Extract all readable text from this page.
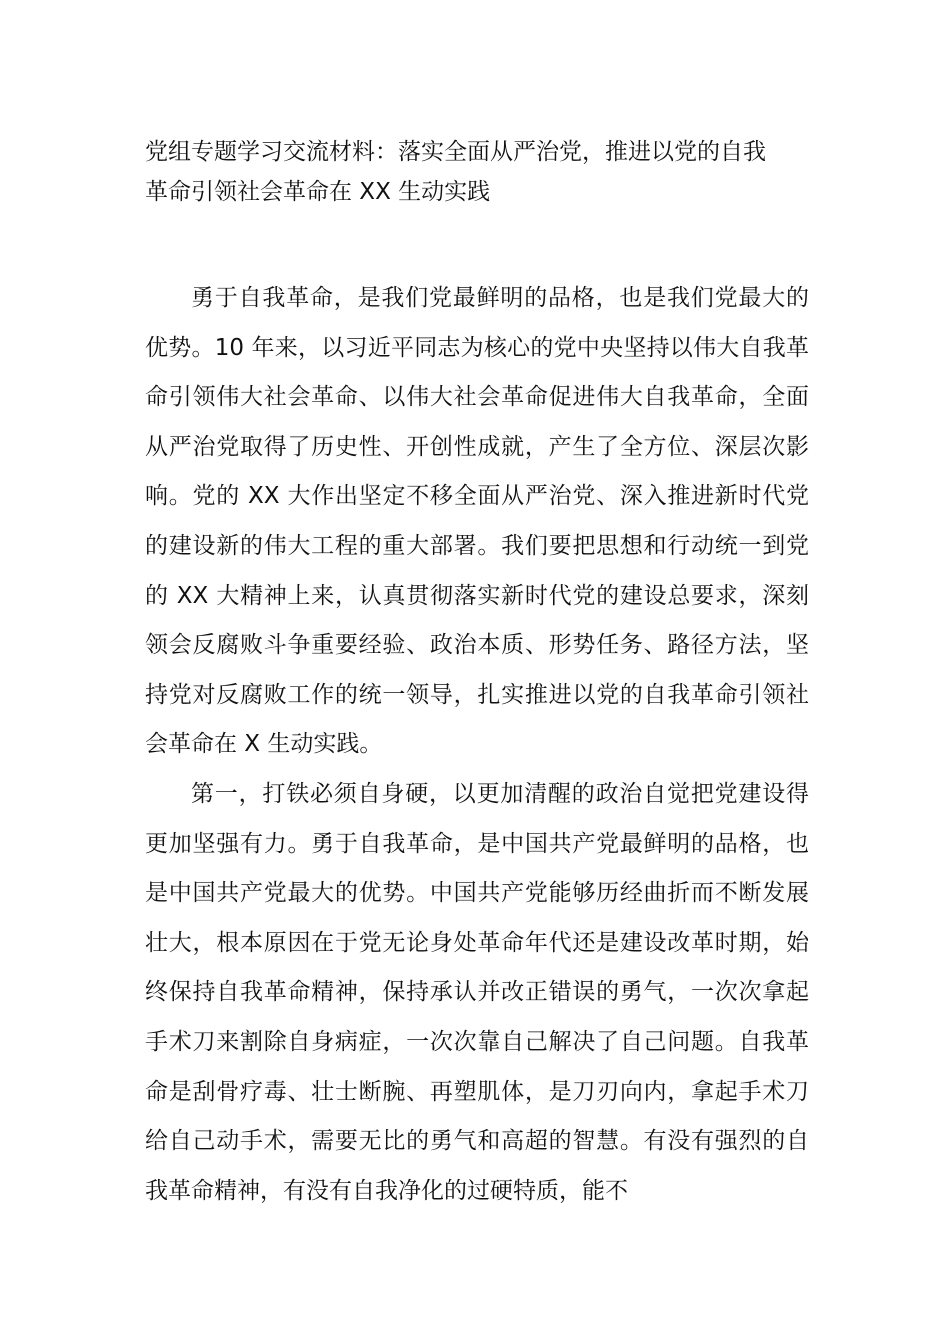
党组专题学习交流材料：落实全面从严治党，推进以党的自我
革命引领社会革命在 XX 生动实践

勇于自我革命，是我们党最鲜明的品格，也是我们党最大的优势。10 年来，以习近平同志为核心的党中央坚持以伟大自我革命引领伟大社会革命、以伟大社会革命促进伟大自我革命，全面从严治党取得了历史性、开创性成就，产生了全方位、深层次影响。党的 XX 大作出坚定不移全面从严治党、深入推进新时代党的建设新的伟大工程的重大部署。我们要把思想和行动统一到党的 XX 大精神上来，认真贯彻落实新时代党的建设总要求，深刻领会反腐败斗争重要经验、政治本质、形势任务、路径方法，坚持党对反腐败工作的统一领导，扎实推进以党的自我革命引领社会革命在 X 生动实践。

第一，打铁必须自身硬，以更加清醒的政治自觉把党建设得更加坚强有力。勇于自我革命，是中国共产党最鲜明的品格，也是中国共产党最大的优势。中国共产党能够历经曲折而不断发展壮大，根本原因在于党无论身处革命年代还是建设改革时期，始终保持自我革命精神，保持承认并改正错误的勇气，一次次拿起手术刀来割除自身病症，一次次靠自己解决了自己问题。自我革命是刮骨疗毒、壮士断腕、再塑肌体，是刀刃向内，拿起手术刀给自己动手术，需要无比的勇气和高超的智慧。有没有强烈的自我革命精神，有没有自我净化的过硬特质，能不
